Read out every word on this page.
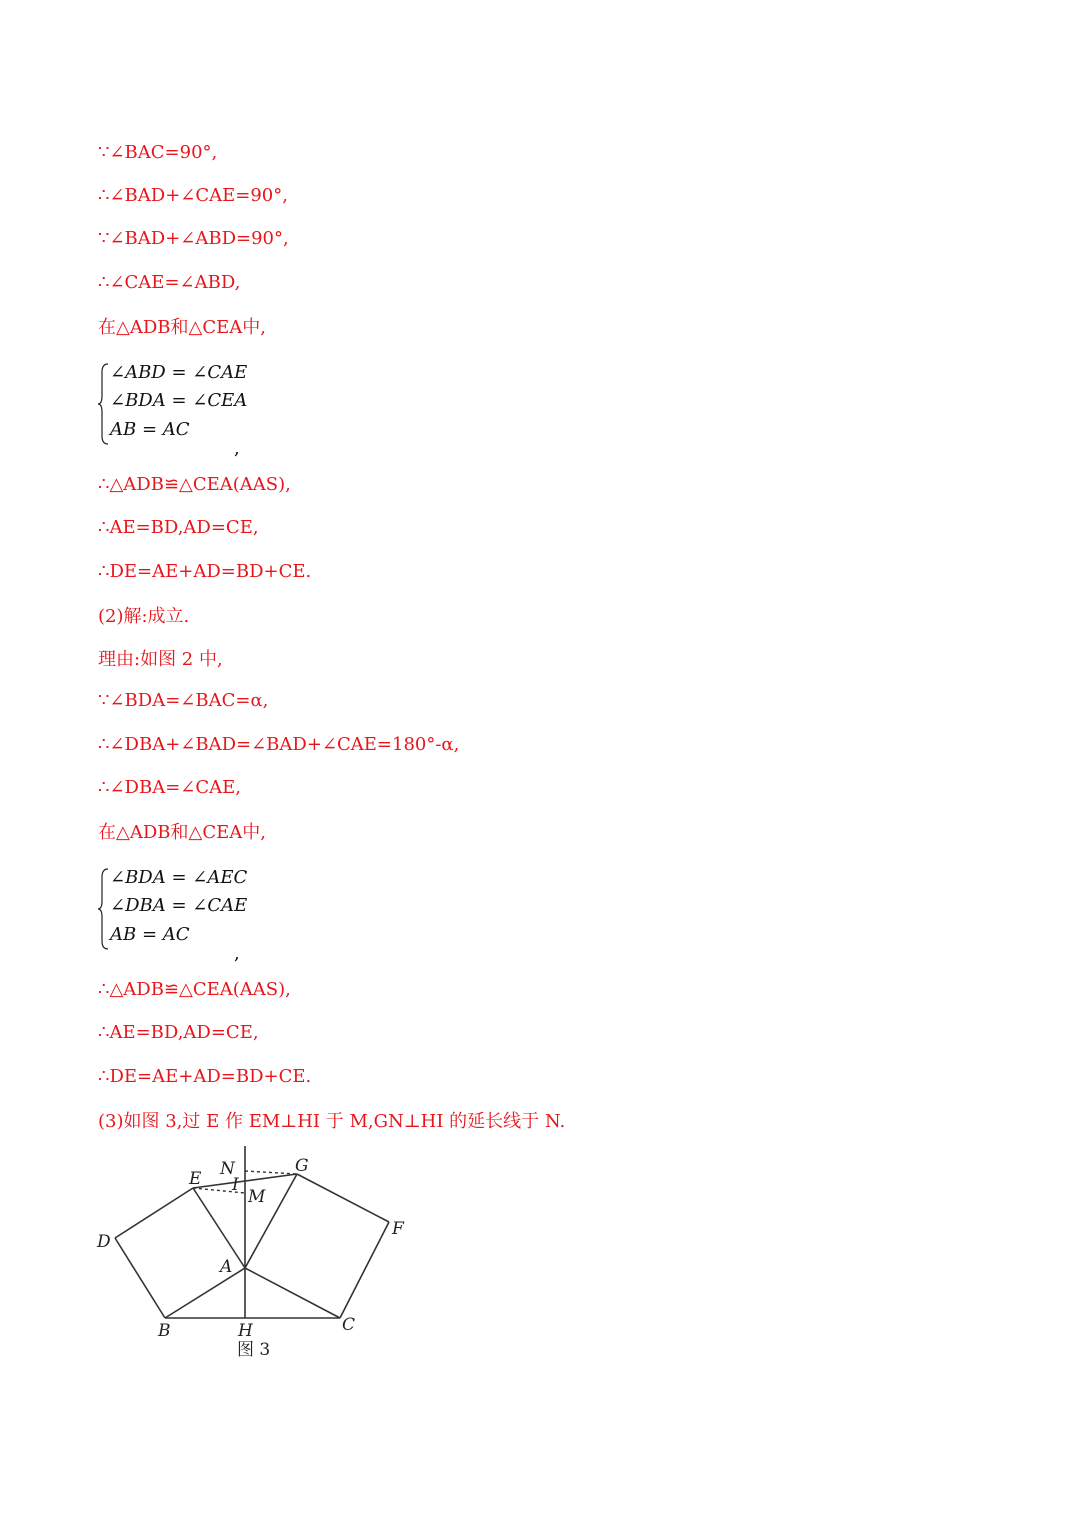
∵∠BAC=90°,
∴∠BAD+∠CAE=90°,
∵∠BAD+∠ABD=90°,
∴∠CAE=∠ABD,
在△ADB和△CEA中,
∠ABD = ∠CAE
∠BDA = ∠CEA
AB = AC
,
∴△ADB≌△CEA(AAS),
∴AE=BD,AD=CE,
∴DE=AE+AD=BD+CE.
(2)解:成立.
理由:如图 2 中,
∵∠BDA=∠BAC=α,
∴∠DBA+∠BAD=∠BAD+∠CAE=180°-α,
∴∠DBA=∠CAE,
在△ADB和△CEA中,
∠BDA = ∠AEC
∠DBA = ∠CAE
AB = AC
,
∴△ADB≌△CEA(AAS),
∴AE=BD,AD=CE,
∴DE=AE+AD=BD+CE.
(3)如图 3,过 E 作 EM⊥HI 于 M,GN⊥HI 的延长线于 N.
E N
I
M
G
D
F
A
B	H	C
图 3
